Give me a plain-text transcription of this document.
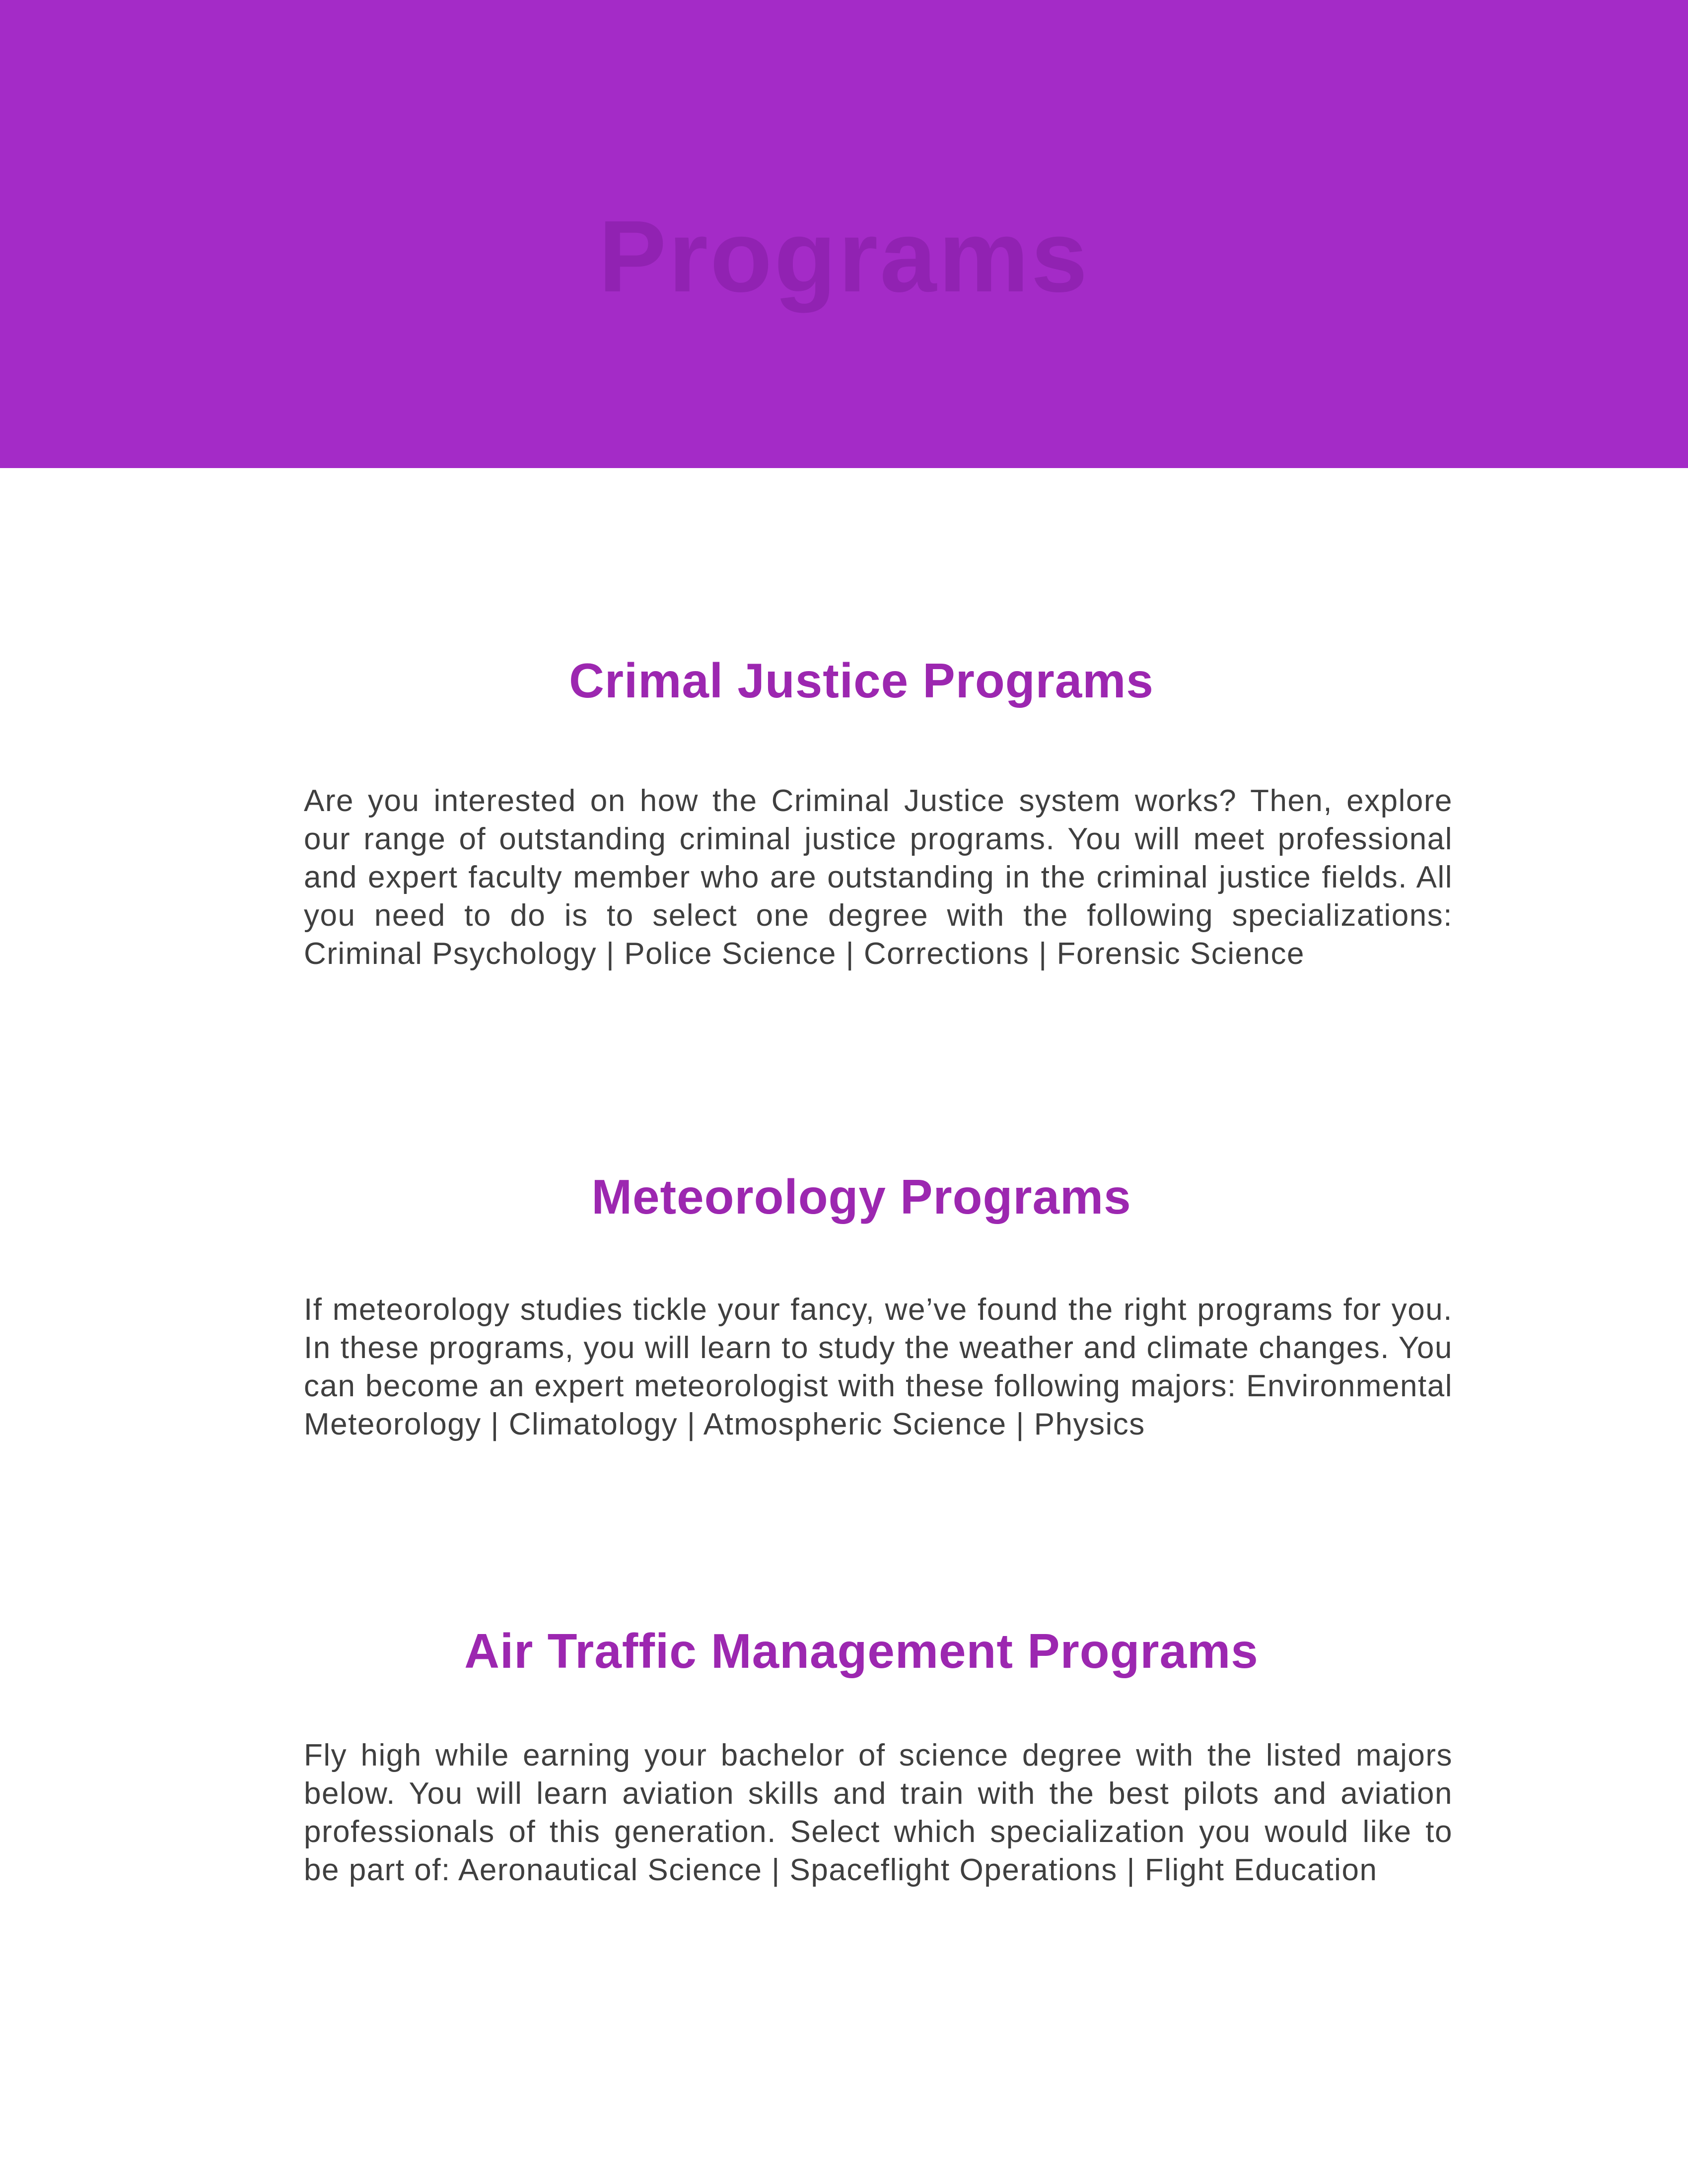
Programs
Crimal Justice Programs
Are you interested on how the Criminal Justice system works? Then, explore our range of outstanding criminal justice programs. You will meet professional and expert faculty member who are outstanding in the criminal justice fields. All you need to do is to select one degree with the following specializations: Criminal Psychology | Police Science | Corrections | Forensic Science
Meteorology Programs
If meteorology studies tickle your fancy, we’ve found the right programs for you. In these programs, you will learn to study the weather and climate changes. You can become an expert meteorologist with these following majors: Environmental Meteorology | Climatology | Atmospheric Science | Physics
Air Traffic Management Programs
Fly high while earning your bachelor of science degree with the listed majors below. You will learn aviation skills and train with the best pilots and aviation professionals of this generation. Select which specialization you would like to be part of: Aeronautical Science | Spaceflight Operations | Flight Education
